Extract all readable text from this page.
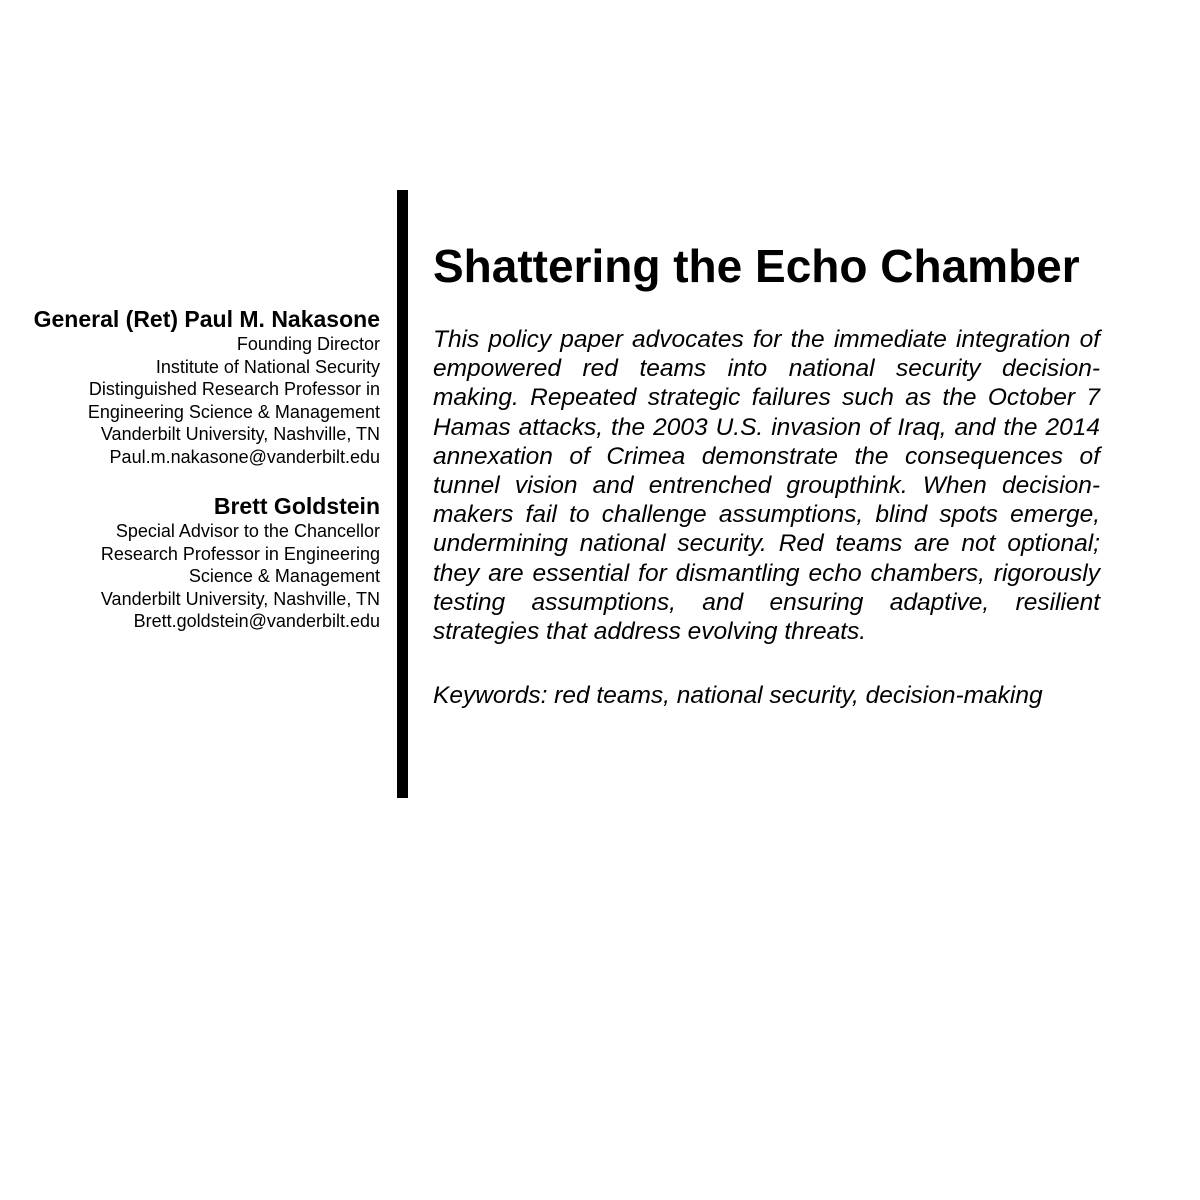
General (Ret) Paul M. Nakasone
Founding Director
Institute of National Security
Distinguished Research Professor in
Engineering Science & Management
Vanderbilt University, Nashville, TN
Paul.m.nakasone@vanderbilt.edu
Brett Goldstein
Special Advisor to the Chancellor
Research Professor in Engineering
Science & Management
Vanderbilt University, Nashville, TN
Brett.goldstein@vanderbilt.edu
Shattering the Echo Chamber
This policy paper advocates for the immediate integration of
empowered red teams into national security decision-
making. Repeated strategic failures such as the October 7
Hamas attacks, the 2003 U.S. invasion of Iraq, and the 2014
annexation of Crimea demonstrate the consequences of
tunnel vision and entrenched groupthink. When decision-
makers fail to challenge assumptions, blind spots emerge,
undermining national security. Red teams are not optional;
they are essential for dismantling echo chambers, rigorously
testing assumptions, and ensuring adaptive, resilient
strategies that address evolving threats.
Keywords: red teams, national security, decision-making
